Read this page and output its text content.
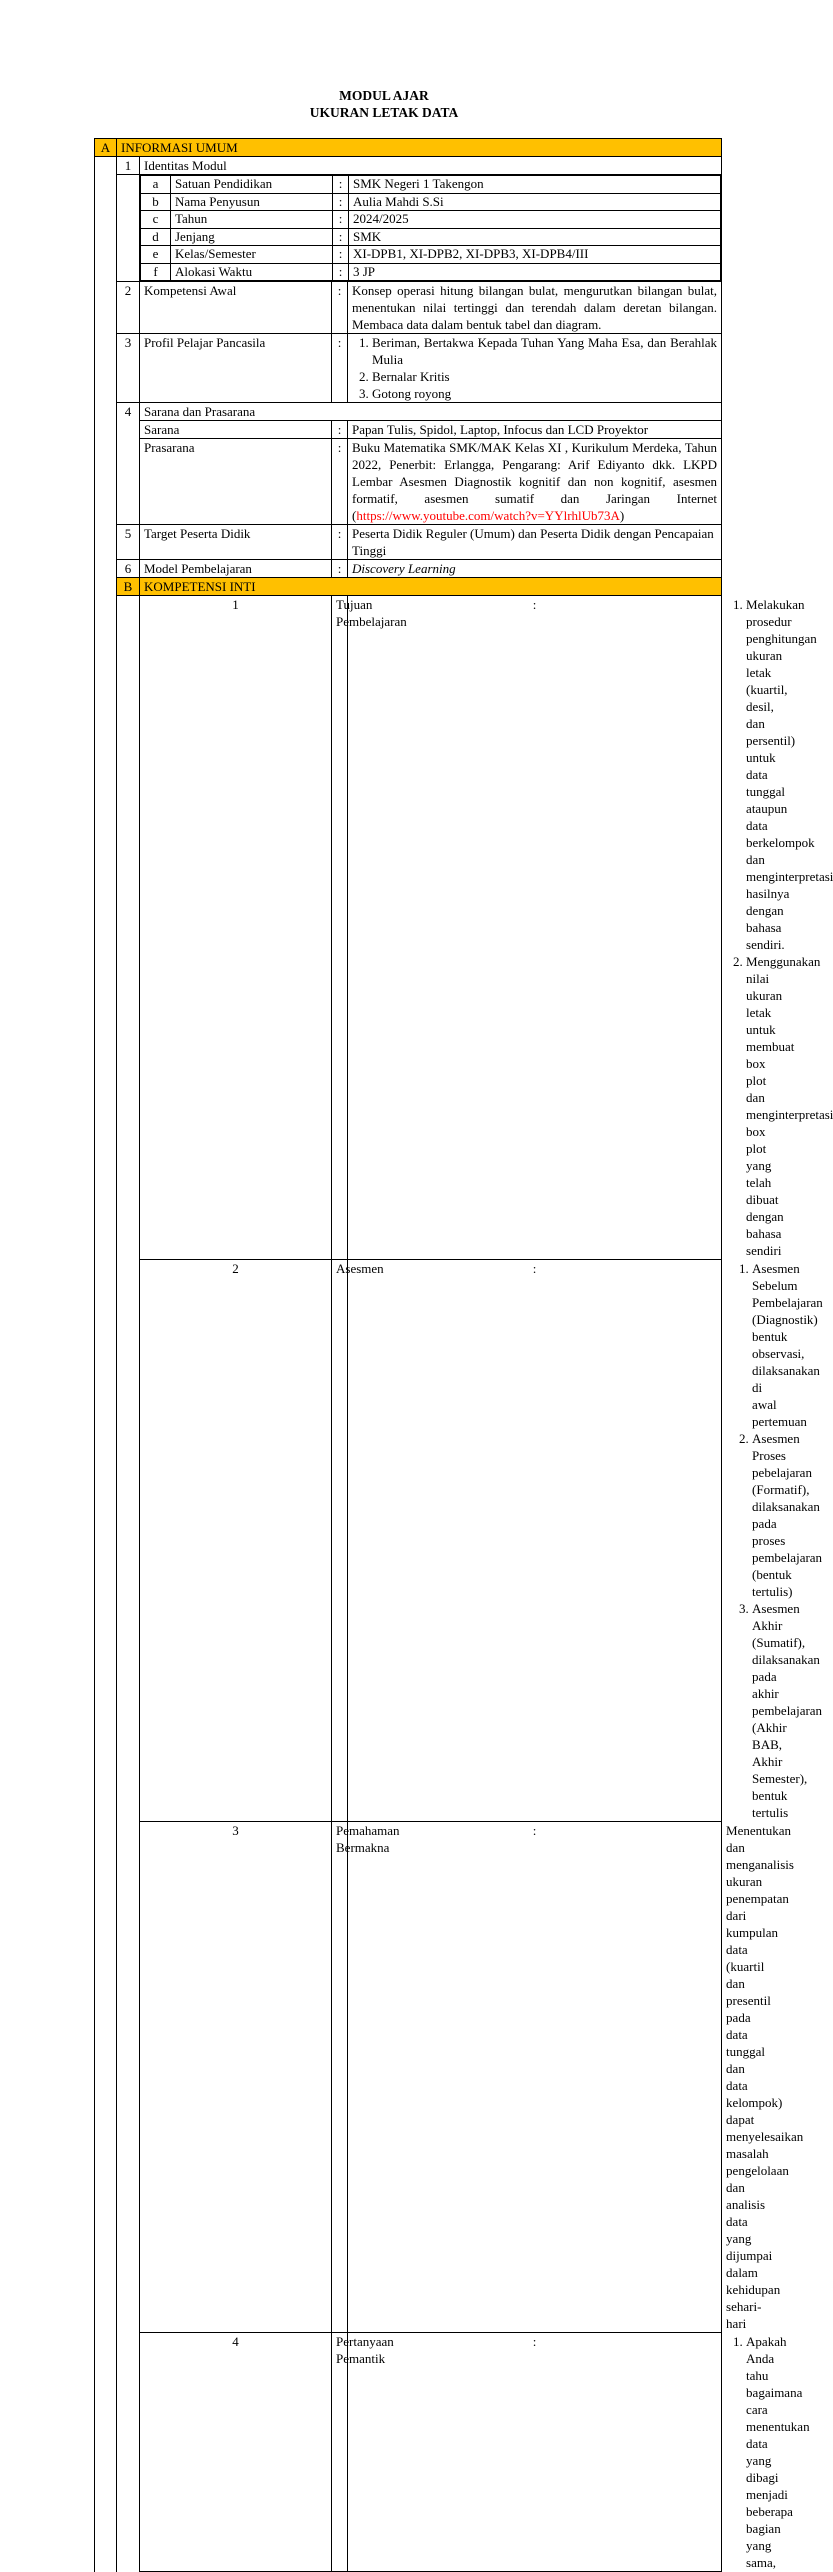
MODUL AJAR
UKURAN LETAK DATA
A	INFORMASI UMUM
	1	Identitas Modul

a	Satuan Pendidikan	:	SMK Negeri 1 Takengon
b	Nama Penyusun	:	Aulia Mahdi S.Si
c	Tahun	:	2024/2025
d	Jenjang	:	SMK
e	Kelas/Semester	:	XI-DPB1, XI-DPB2, XI-DPB3, XI-DPB4/III
f	Alokasi Waktu	:	3 JP

2	Kompetensi Awal	:	Konsep operasi hitung bilangan bulat, mengurutkan bilangan bulat, menentukan nilai tertinggi dan terendah dalam deretan bilangan. Membaca data dalam bentuk tabel dan diagram.
3	Profil Pelajar Pancasila	:	
1.Beriman, Bertakwa Kepada Tuhan Yang Maha Esa, dan Berahlak Mulia
2. Bernalar Kritis
3. Gotong royong

4	Sarana dan Prasarana
Sarana	:	Papan Tulis, Spidol, Laptop, Infocus dan LCD Proyektor
Prasarana	:	Buku Matematika SMK/MAK Kelas XI , Kurikulum Merdeka, Tahun 2022, Penerbit: Erlangga, Pengarang: Arif Ediyanto dkk. LKPD Lembar Asesmen Diagnostik kognitif dan non kognitif, asesmen formatif, asesmen sumatif dan Jaringan Internet (https://www.youtube.com/watch?v=YYlrhlUb73A)
5	Target Peserta Didik	:	Peserta Didik Reguler (Umum) dan Peserta Didik dengan Pencapaian Tinggi
6	Model Pembelajaran	:	Discovery Learning
B	KOMPETENSI INTI
	1	Tujuan Pembelajaran	:	Melakukan prosedur penghitungan ukuran letak (kuartil, desil, dan persentil) untuk data tunggal ataupun data berkelompok dan menginterpretasi hasilnya dengan bahasa sendiri.
Menggunakan nilai ukuran letak untuk membuat box plot dan menginterpretasi box plot yang telah dibuat dengan bahasa sendiri

2	Asesmen	:	Asesmen Sebelum Pembelajaran (Diagnostik) bentuk observasi, dilaksanakan di awal pertemuan
Asesmen Proses pebelajaran (Formatif), dilaksanakan pada proses pembelajaran (bentuk tertulis)
Asesmen Akhir (Sumatif), dilaksanakan pada akhir pembelajaran (Akhir BAB, Akhir Semester), bentuk tertulis

3	Pemahaman Bermakna	:	Menentukan dan menganalisis ukuran penempatan dari kumpulan data (kuartil dan presentil pada data tunggal dan data kelompok) dapat menyelesaikan masalah pengelolaan dan analisis data yang dijumpai dalam kehidupan sehari-hari
4	Pertanyaan Pemantik	:	Apakah Anda tahu bagaimana cara menentukan data yang dibagi menjadi beberapa bagian yang sama,
